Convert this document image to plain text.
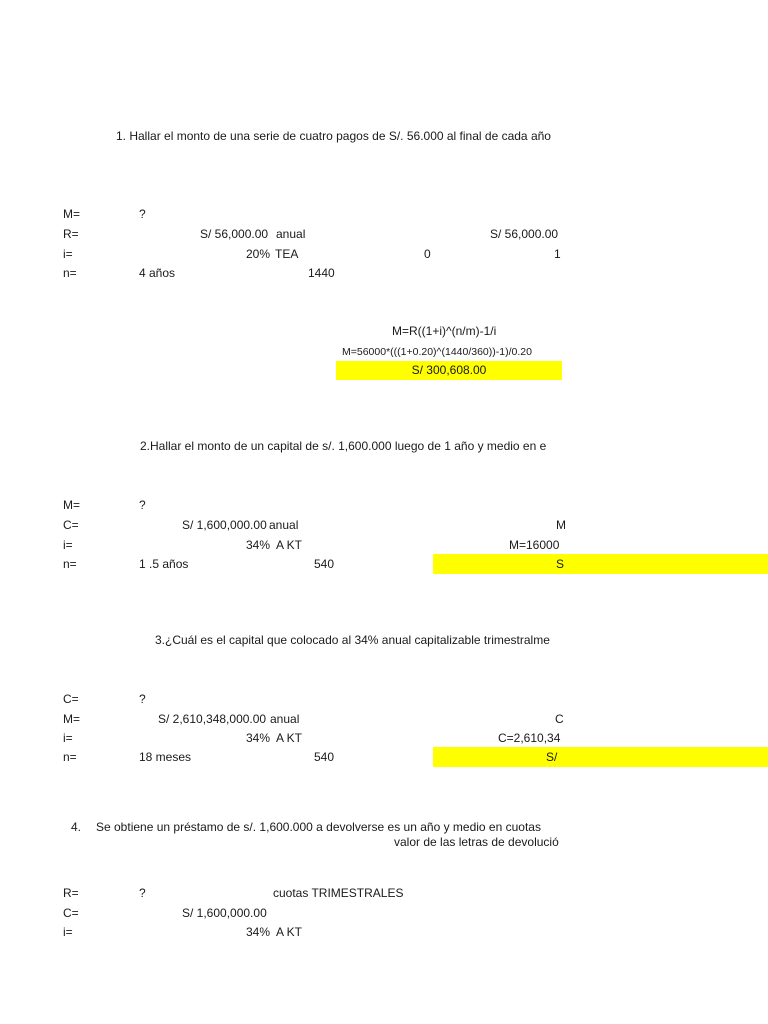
1. Hallar el monto de una serie de cuatro pagos de S/. 56.000 al final de cada año
M=	?
R=	S/ 56,000.00 anual	S/ 56,000.00
i=	20% TEA	0	1
n=	4 años	1440
M=R((1+i)^(n/m)-1/i
M=56000*(((1+0.20)^(1440/360))-1)/0.20
S/ 300,608.00
2.Hallar el monto de un capital de s/. 1,600.000 luego de 1 año y medio en e
M=	?
C=	S/ 1,600,000.00 anual	M
i=	34% A KT	M=16000
n=	1 .5 años	540	S
3.¿Cuál es el capital que colocado al 34% anual capitalizable trimestralme
C=	?
M=	S/ 2,610,348,000.00 anual	C
i=	34% A KT	C=2,610,34
n=	18 meses	540	S/
4. Se obtiene un préstamo de s/. 1,600.000 a devolverse es un año y medio en cuotas
valor de las letras de devolució
R=	?	cuotas TRIMESTRALES
C=	S/ 1,600,000.00
i=	34% A KT
